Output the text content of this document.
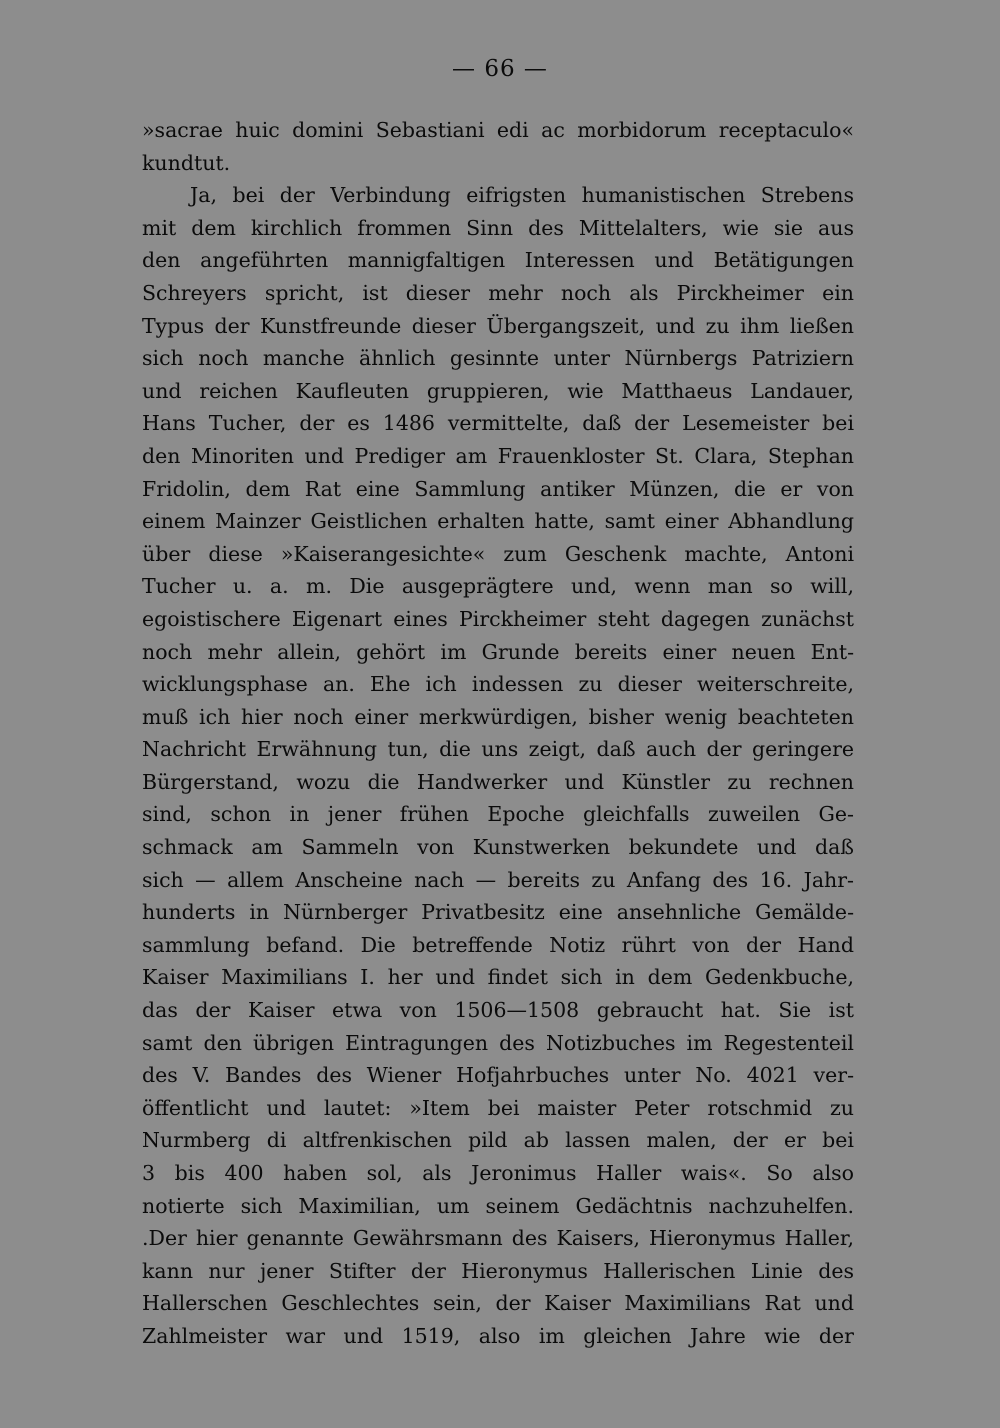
— 66 —
»sacrae huic domini Sebastiani edi ac morbidorum receptaculo«
kundtut.
Ja, bei der Verbindung eifrigsten humanistischen Strebens
mit dem kirchlich frommen Sinn des Mittelalters, wie sie aus
den angeführten mannigfaltigen Interessen und Betätigungen
Schreyers spricht, ist dieser mehr noch als Pirckheimer ein
Typus der Kunstfreunde dieser Übergangszeit, und zu ihm ließen
sich noch manche ähnlich gesinnte unter Nürnbergs Patriziern
und reichen Kaufleuten gruppieren, wie Matthaeus Landauer,
Hans Tucher, der es 1486 vermittelte, daß der Lesemeister bei
den Minoriten und Prediger am Frauenkloster St. Clara, Stephan
Fridolin, dem Rat eine Sammlung antiker Münzen, die er von
einem Mainzer Geistlichen erhalten hatte, samt einer Abhandlung
über diese »Kaiserangesichte« zum Geschenk machte, Antoni
Tucher u. a. m. Die ausgeprägtere und, wenn man so will,
egoistischere Eigenart eines Pirckheimer steht dagegen zunächst
noch mehr allein, gehört im Grunde bereits einer neuen Ent-
wicklungsphase an. Ehe ich indessen zu dieser weiterschreite,
muß ich hier noch einer merkwürdigen, bisher wenig beachteten
Nachricht Erwähnung tun, die uns zeigt, daß auch der geringere
Bürgerstand, wozu die Handwerker und Künstler zu rechnen
sind, schon in jener frühen Epoche gleichfalls zuweilen Ge-
schmack am Sammeln von Kunstwerken bekundete und daß
sich — allem Anscheine nach — bereits zu Anfang des 16. Jahr-
hunderts in Nürnberger Privatbesitz eine ansehnliche Gemälde-
sammlung befand. Die betreffende Notiz rührt von der Hand
Kaiser Maximilians I. her und findet sich in dem Gedenkbuche,
das der Kaiser etwa von 1506—1508 gebraucht hat. Sie ist
samt den übrigen Eintragungen des Notizbuches im Regestenteil
des V. Bandes des Wiener Hofjahrbuches unter No. 4021 ver-
öffentlicht und lautet: »Item bei maister Peter rotschmid zu
Nurmberg di altfrenkischen pild ab lassen malen, der er bei
3 bis 400 haben sol, als Jeronimus Haller wais«. So also
notierte sich Maximilian, um seinem Gedächtnis nachzuhelfen.
.Der hier genannte Gewährsmann des Kaisers, Hieronymus Haller,
kann nur jener Stifter der Hieronymus Hallerischen Linie des
Hallerschen Geschlechtes sein, der Kaiser Maximilians Rat und
Zahlmeister war und 1519, also im gleichen Jahre wie der
